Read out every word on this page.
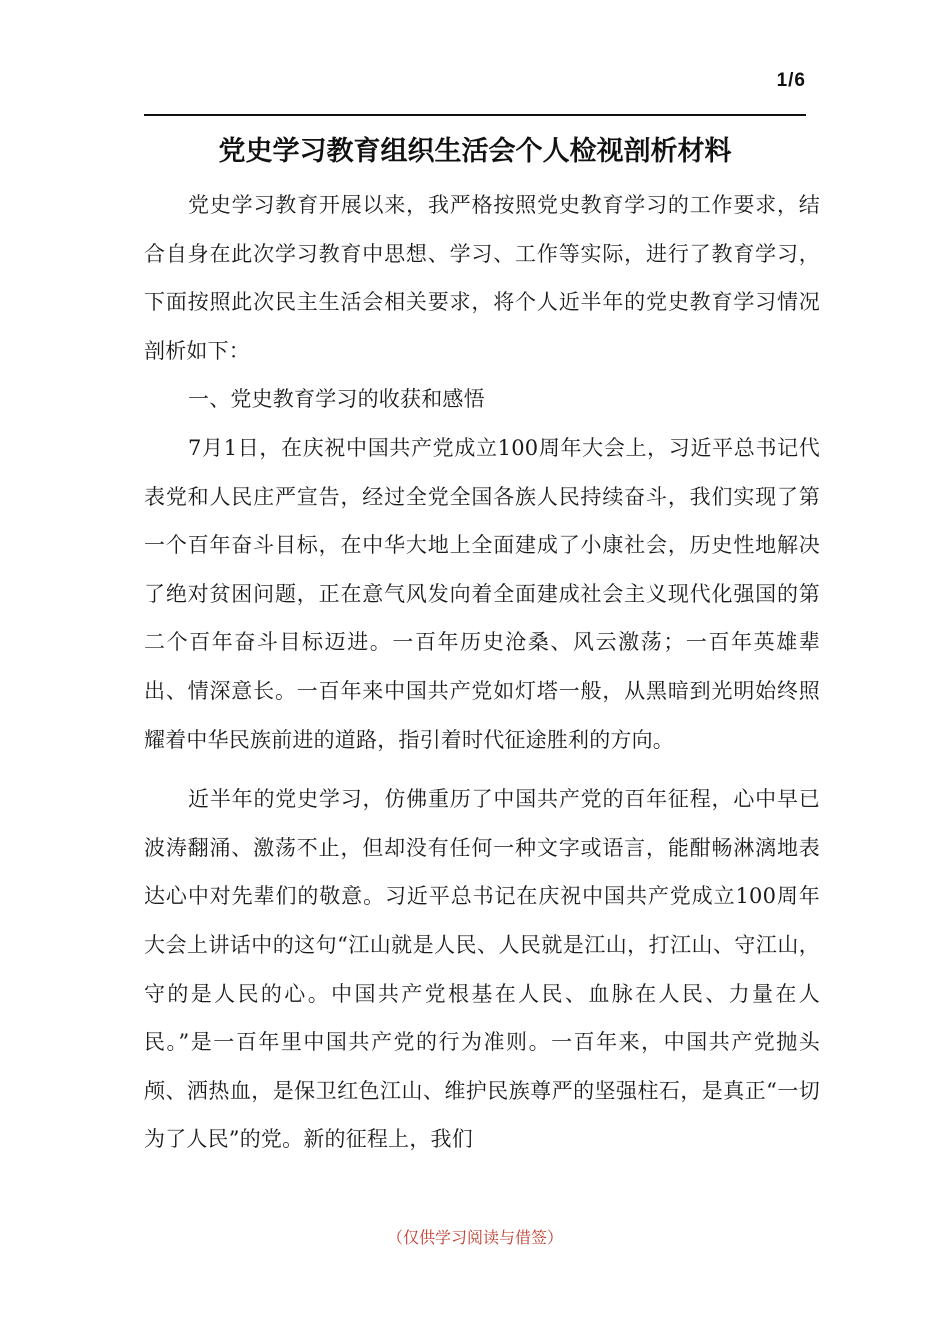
1/6
党史学习教育组织生活会个人检视剖析材料

党史学习教育开展以来，我严格按照党史教育学习的工作要求，结合自身在此次学习教育中思想、学习、工作等实际，进行了教育学习，下面按照此次民主生活会相关要求，将个人近半年的党史教育学习情况剖析如下：

一、党史教育学习的收获和感悟

7月1日，在庆祝中国共产党成立100周年大会上，习近平总书记代表党和人民庄严宣告，经过全党全国各族人民持续奋斗，我们实现了第一个百年奋斗目标，在中华大地上全面建成了小康社会，历史性地解决了绝对贫困问题，正在意气风发向着全面建成社会主义现代化强国的第二个百年奋斗目标迈进。一百年历史沧桑、风云激荡；一百年英雄辈出、情深意长。一百年来中国共产党如灯塔一般，从黑暗到光明始终照耀着中华民族前进的道路，指引着时代征途胜利的方向。

近半年的党史学习，仿佛重历了中国共产党的百年征程，心中早已波涛翻涌、激荡不止，但却没有任何一种文字或语言，能酣畅淋漓地表达心中对先辈们的敬意。习近平总书记在庆祝中国共产党成立100周年大会上讲话中的这句“江山就是人民、人民就是江山，打江山、守江山，守的是人民的心。中国共产党根基在人民、血脉在人民、力量在人民。”是一百年里中国共产党的行为准则。一百年来，中国共产党抛头颅、洒热血，是保卫红色江山、维护民族尊严的坚强柱石，是真正“一切为了人民”的党。新的征程上，我们

（仅供学习阅读与借签）
